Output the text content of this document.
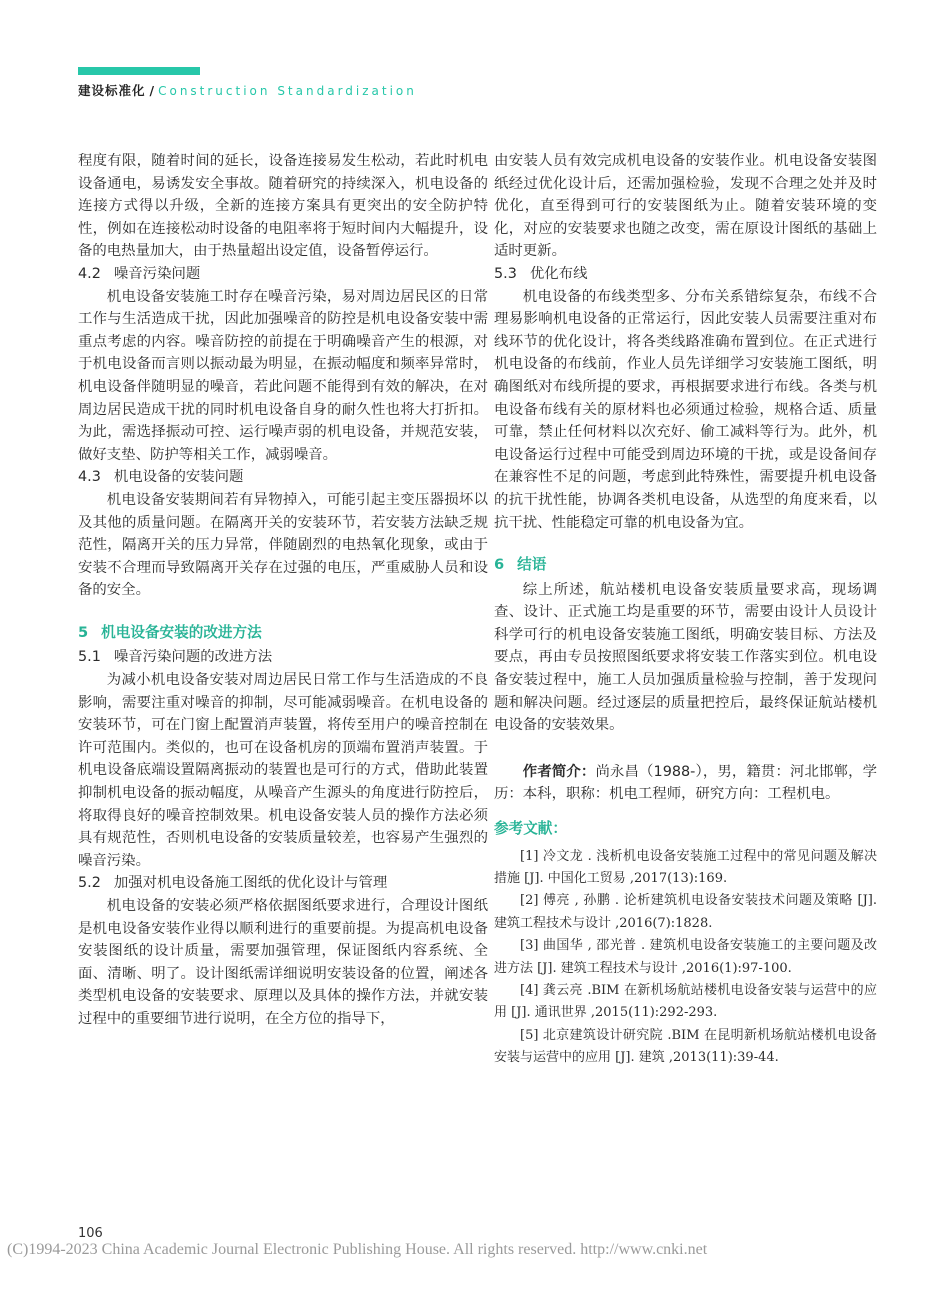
建设标准化 / Construction Standardization

程度有限，随着时间的延长，设备连接易发生松动，若此时机电设备通电，易诱发安全事故。随着研究的持续深入，机电设备的连接方式得以升级，全新的连接方案具有更突出的安全防护特性，例如在连接松动时设备的电阻率将于短时间内大幅提升，设备的电热量加大，由于热量超出设定值，设备暂停运行。

4.2 噪音污染问题

机电设备安装施工时存在噪音污染，易对周边居民区的日常工作与生活造成干扰，因此加强噪音的防控是机电设备安装中需重点考虑的内容。噪音防控的前提在于明确噪音产生的根源，对于机电设备而言则以振动最为明显，在振动幅度和频率异常时，机电设备伴随明显的噪音，若此问题不能得到有效的解决，在对周边居民造成干扰的同时机电设备自身的耐久性也将大打折扣。为此，需选择振动可控、运行噪声弱的机电设备，并规范安装，做好支垫、防护等相关工作，减弱噪音。

4.3 机电设备的安装问题

机电设备安装期间若有异物掉入，可能引起主变压器损坏以及其他的质量问题。在隔离开关的安装环节，若安装方法缺乏规范性，隔离开关的压力异常，伴随剧烈的电热氧化现象，或由于安装不合理而导致隔离开关存在过强的电压，严重威胁人员和设备的安全。

5 机电设备安装的改进方法

5.1 噪音污染问题的改进方法

为减小机电设备安装对周边居民日常工作与生活造成的不良影响，需要注重对噪音的抑制，尽可能减弱噪音。在机电设备的安装环节，可在门窗上配置消声装置，将传至用户的噪音控制在许可范围内。类似的，也可在设备机房的顶端布置消声装置。于机电设备底端设置隔离振动的装置也是可行的方式，借助此装置抑制机电设备的振动幅度，从噪音产生源头的角度进行防控后，将取得良好的噪音控制效果。机电设备安装人员的操作方法必须具有规范性，否则机电设备的安装质量较差，也容易产生强烈的噪音污染。

5.2 加强对机电设备施工图纸的优化设计与管理

机电设备的安装必须严格依据图纸要求进行，合理设计图纸是机电设备安装作业得以顺利进行的重要前提。为提高机电设备安装图纸的设计质量，需要加强管理，保证图纸内容系统、全面、清晰、明了。设计图纸需详细说明安装设备的位置，阐述各类型机电设备的安装要求、原理以及具体的操作方法，并就安装过程中的重要细节进行说明，在全方位的指导下，

由安装人员有效完成机电设备的安装作业。机电设备安装图纸经过优化设计后，还需加强检验，发现不合理之处并及时优化，直至得到可行的安装图纸为止。随着安装环境的变化，对应的安装要求也随之改变，需在原设计图纸的基础上适时更新。

5.3 优化布线

机电设备的布线类型多、分布关系错综复杂，布线不合理易影响机电设备的正常运行，因此安装人员需要注重对布线环节的优化设计，将各类线路准确布置到位。在正式进行机电设备的布线前，作业人员先详细学习安装施工图纸，明确图纸对布线所提的要求，再根据要求进行布线。各类与机电设备布线有关的原材料也必须通过检验，规格合适、质量可靠，禁止任何材料以次充好、偷工减料等行为。此外，机电设备运行过程中可能受到周边环境的干扰，或是设备间存在兼容性不足的问题，考虑到此特殊性，需要提升机电设备的抗干扰性能，协调各类机电设备，从选型的角度来看，以抗干扰、性能稳定可靠的机电设备为宜。

6 结语

综上所述，航站楼机电设备安装质量要求高，现场调查、设计、正式施工均是重要的环节，需要由设计人员设计科学可行的机电设备安装施工图纸，明确安装目标、方法及要点，再由专员按照图纸要求将安装工作落实到位。机电设备安装过程中，施工人员加强质量检验与控制，善于发现问题和解决问题。经过逐层的质量把控后，最终保证航站楼机电设备的安装效果。

作者简介：尚永昌（1988-），男，籍贯：河北邯郸，学历：本科，职称：机电工程师，研究方向：工程机电。

参考文献：

[1] 冷文龙 . 浅析机电设备安装施工过程中的常见问题及解决措施 [J]. 中国化工贸易 ,2017(13):169.

[2] 傅亮 , 孙鹏 . 论析建筑机电设备安装技术问题及策略 [J]. 建筑工程技术与设计 ,2016(7):1828.

[3] 曲国华 , 邵光普 . 建筑机电设备安装施工的主要问题及改进方法 [J]. 建筑工程技术与设计 ,2016(1):97-100.

[4] 龚云亮 .BIM 在新机场航站楼机电设备安装与运营中的应用 [J]. 通讯世界 ,2015(11):292-293.

[5] 北京建筑设计研究院 .BIM 在昆明新机场航站楼机电设备安装与运营中的应用 [J]. 建筑 ,2013(11):39-44.

106
(C)1994-2023 China Academic Journal Electronic Publishing House. All rights reserved. http://www.cnki.net
